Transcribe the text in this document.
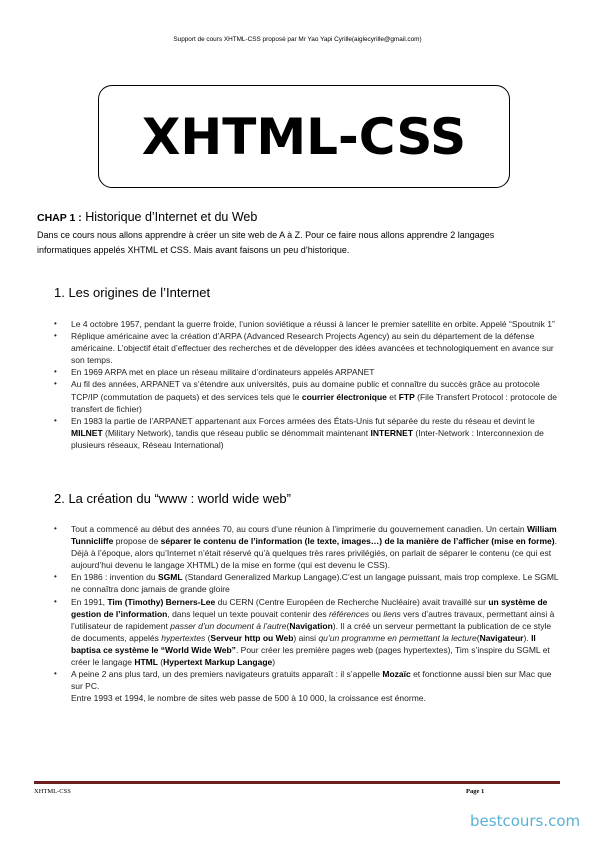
Support de cours XHTML-CSS proposé par Mr Yao Yapi Cyrille(aiglecyrille@gmail.com)
XHTML-CSS
CHAP 1 : Historique d’Internet et du Web
Dans ce cours nous allons apprendre à créer un site web de A à Z. Pour ce faire nous allons apprendre 2 langages
informatiques appelés XHTML et CSS. Mais avant faisons un peu d’historique.
1. Les origines de l’Internet
• Le 4 octobre 1957, pendant la guerre froide, l’union soviétique a réussi à lancer le premier satellite en orbite. Appelé “Spoutnik 1”
• Réplique américaine avec la création d’ARPA (Advanced Research Projects Agency) au sein du département de la défense américaine. L’objectif était d’effectuer des recherches et de développer des idées avancées et technologiquement en avance sur son temps.
• En 1969 ARPA met en place un réseau militaire d’ordinateurs appelés ARPANET
• Au fil des années, ARPANET va s’étendre aux universités, puis au domaine public et connaître du succès grâce au protocole TCP/IP (commutation de paquets) et des services tels que le courrier électronique et FTP (File Transfert Protocol : protocole de transfert de fichier)
• En 1983 la partie de l’ARPANET appartenant aux Forces armées des États-Unis fut séparée du reste du réseau et devint le MILNET (Military Network), tandis que réseau public se dénommait maintenant INTERNET (Inter-Network : Interconnexion de plusieurs réseaux, Réseau International)
2. La création du “www : world wide web”
• Tout a commencé au début des années 70, au cours d’une réunion à l’imprimerie du gouvernement canadien. Un certain William Tunnicliffe propose de séparer le contenu de l’information (le texte, images…) de la manière de l’afficher (mise en forme). Déjà à l’époque, alors qu’Internet n’était réservé qu’à quelques très rares privilégiés, on parlait de séparer le contenu (ce qui est aujourd’hui devenu le langage XHTML) de la mise en forme (qui est devenu le CSS).
• En 1986 : invention du SGML (Standard Generalized Markup Langage).C’est un langage puissant, mais trop complexe. Le SGML ne connaîtra donc jamais de grande gloire
• En 1991, Tim (Timothy) Berners-Lee du CERN (Centre Européen de Recherche Nucléaire) avait travaillé sur un système de gestion de l’information, dans lequel un texte pouvait contenir des références ou liens vers d’autres travaux, permettant ainsi à l’utilisateur de rapidement passer d’un document à l’autre(Navigation). Il a créé un serveur permettant la publication de ce style de documents, appelés hypertextes (Serveur http ou Web) ainsi qu’un programme en permettant la lecture(Navigateur). Il baptisa ce système le “World Wide Web”. Pour créer les première pages web (pages hypertextes), Tim s’inspire du SGML et créer le langage HTML (Hypertext Markup Langage)
• A peine 2 ans plus tard, un des premiers navigateurs gratuits apparaît : il s’appelle Mozaïc et fonctionne aussi bien sur Mac que sur PC.
Entre 1993 et 1994, le nombre de sites web passe de 500 à 10 000, la croissance est énorme.
XHTML-CSS	Page 1
bestcours.com
